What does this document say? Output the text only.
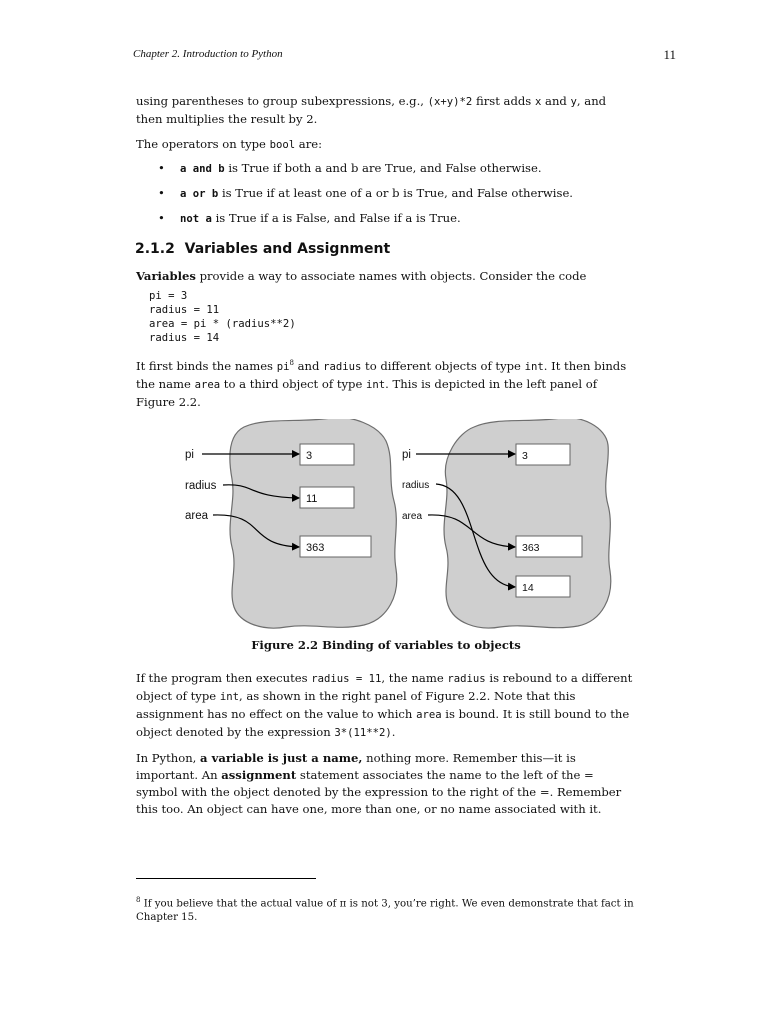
Chapter 2. Introduction to Python	11

using parentheses to group subexpressions, e.g., (x+y)*2 first adds x and y, and then multiplies the result by 2.

The operators on type bool are:

• a and b is True if both a and b are True, and False otherwise.
• a or b is True if at least one of a or b is True, and False otherwise.
• not a is True if a is False, and False if a is True.
2.1.2 Variables and Assignment

Variables provide a way to associate names with objects. Consider the code

pi = 3
radius = 11
area = pi * (radius**2)
radius = 14

It first binds the names $pi^8$ and radius to different objects of type int. It then binds the name area to a third object of type int. This is depicted in the left panel of Figure 2.2.

pi
radius
area
pi
radius
area
3
11
363
3
363
14
Figure 2.2 Binding of variables to objects

If the program then executes radius = 11, the name radius is rebound to a different object of type int, as shown in the right panel of Figure 2.2. Note that this assignment has no effect on the value to which area is bound. It is still bound to the object denoted by the expression 3*(11**2).

In Python, a variable is just a name, nothing more. Remember this—it is important. An assignment statement associates the name to the left of the = symbol with the object denoted by the expression to the right of the =. Remember this too. An object can have one, more than one, or no name associated with it.

$^8$ If you believe that the actual value of π is not 3, you’re right. We even demonstrate that fact in Chapter 15.
